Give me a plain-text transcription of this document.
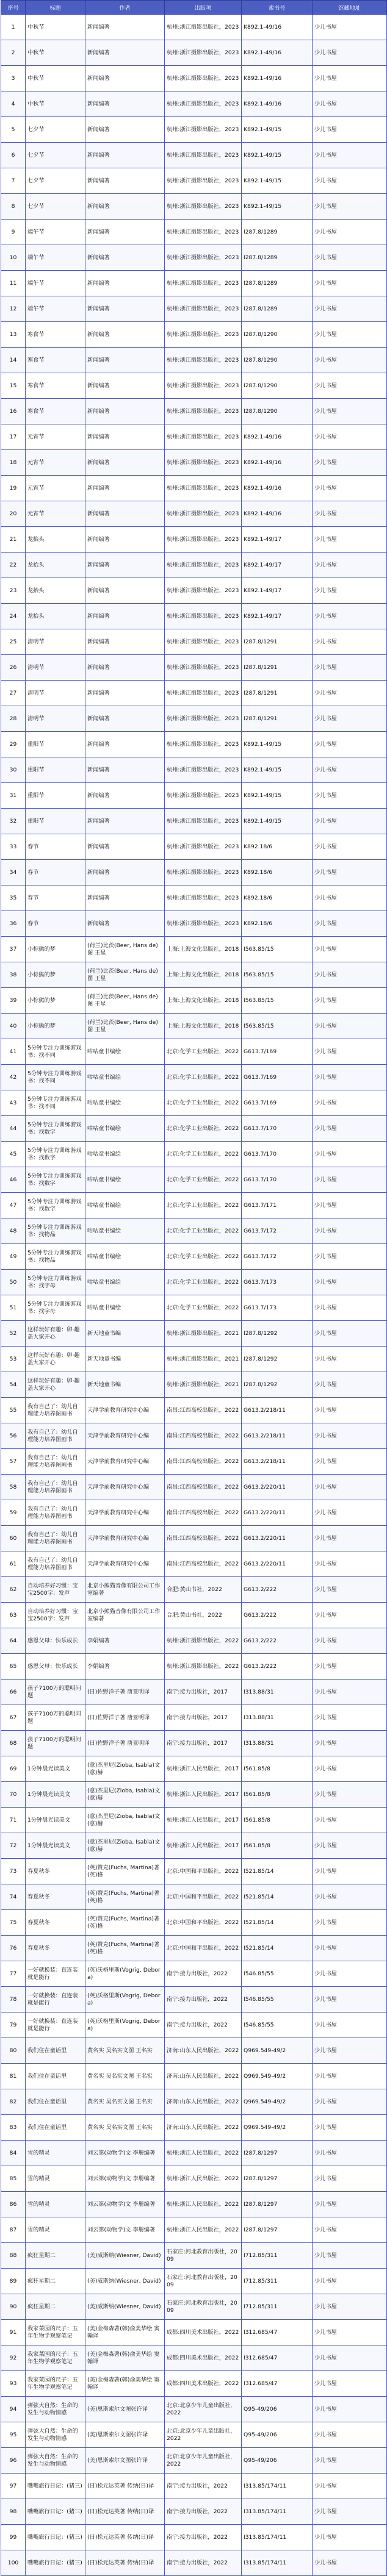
序号	标题	作者	出版项	索书号	馆藏地址
1	中秋节	新闻编著	杭州:浙江摄影出版社，2023	K892.1-49/16	少儿书屋
2	中秋节	新闻编著	杭州:浙江摄影出版社，2023	K892.1-49/16	少儿书屋
3	中秋节	新闻编著	杭州:浙江摄影出版社，2023	K892.1-49/16	少儿书屋
4	中秋节	新闻编著	杭州:浙江摄影出版社，2023	K892.1-49/16	少儿书屋
5	七夕节	新闻编著	杭州:浙江摄影出版社，2023	K892.1-49/15	少儿书屋
6	七夕节	新闻编著	杭州:浙江摄影出版社，2023	K892.1-49/15	少儿书屋
7	七夕节	新闻编著	杭州:浙江摄影出版社，2023	K892.1-49/15	少儿书屋
8	七夕节	新闻编著	杭州:浙江摄影出版社，2023	K892.1-49/15	少儿书屋
9	端午节	新闻编著	杭州:浙江摄影出版社，2023	I287.8/1289	少儿书屋
10	端午节	新闻编著	杭州:浙江摄影出版社，2023	I287.8/1289	少儿书屋
11	端午节	新闻编著	杭州:浙江摄影出版社，2023	I287.8/1289	少儿书屋
12	端午节	新闻编著	杭州:浙江摄影出版社，2023	I287.8/1289	少儿书屋
13	寒食节	新闻编著	杭州:浙江摄影出版社，2023	I287.8/1290	少儿书屋
14	寒食节	新闻编著	杭州:浙江摄影出版社，2023	I287.8/1290	少儿书屋
15	寒食节	新闻编著	杭州:浙江摄影出版社，2023	I287.8/1290	少儿书屋
16	寒食节	新闻编著	杭州:浙江摄影出版社，2023	I287.8/1290	少儿书屋
17	元宵节	新闻编著	杭州:浙江摄影出版社，2023	K892.1-49/16	少儿书屋
18	元宵节	新闻编著	杭州:浙江摄影出版社，2023	K892.1-49/16	少儿书屋
19	元宵节	新闻编著	杭州:浙江摄影出版社，2023	K892.1-49/16	少儿书屋
20	元宵节	新闻编著	杭州:浙江摄影出版社，2023	K892.1-49/16	少儿书屋
21	龙抬头	新闻编著	杭州:浙江摄影出版社，2023	K892.1-49/17	少儿书屋
22	龙抬头	新闻编著	杭州:浙江摄影出版社，2023	K892.1-49/17	少儿书屋
23	龙抬头	新闻编著	杭州:浙江摄影出版社，2023	K892.1-49/17	少儿书屋
24	龙抬头	新闻编著	杭州:浙江摄影出版社，2023	K892.1-49/17	少儿书屋
25	清明节	新闻编著	杭州:浙江摄影出版社，2023	I287.8/1291	少儿书屋
26	清明节	新闻编著	杭州:浙江摄影出版社，2023	I287.8/1291	少儿书屋
27	清明节	新闻编著	杭州:浙江摄影出版社，2023	I287.8/1291	少儿书屋
28	清明节	新闻编著	杭州:浙江摄影出版社，2023	I287.8/1291	少儿书屋
29	重阳节	新闻编著	杭州:浙江摄影出版社，2023	K892.1-49/15	少儿书屋
30	重阳节	新闻编著	杭州:浙江摄影出版社，2023	K892.1-49/15	少儿书屋
31	重阳节	新闻编著	杭州:浙江摄影出版社，2023	K892.1-49/15	少儿书屋
32	重阳节	新闻编著	杭州:浙江摄影出版社，2023	K892.1-49/15	少儿书屋
33	春节	新闻编著	杭州:浙江摄影出版社，2023	K892.18/6	少儿书屋
34	春节	新闻编著	杭州:浙江摄影出版社，2023	K892.18/6	少儿书屋
35	春节	新闻编著	杭州:浙江摄影出版社，2023	K892.18/6	少儿书屋
36	春节	新闻编著	杭州:浙江摄影出版社，2023	K892.18/6	少儿书屋
37	小棕熊的梦	(荷兰)比茨(Beer, Hans de)图 王星	上海:上海文化出版社，2018	I563.85/15	少儿书屋
38	小棕熊的梦	(荷兰)比茨(Beer, Hans de)图 王星	上海:上海文化出版社，2018	I563.85/15	少儿书屋
39	小棕熊的梦	(荷兰)比茨(Beer, Hans de)图 王星	上海:上海文化出版社，2018	I563.85/15	少儿书屋
40	小棕熊的梦	(荷兰)比茨(Beer, Hans de)图 王星	上海:上海文化出版社，2018	I563.85/15	少儿书屋
41	5分钟专注力训练游戏书：找不同	咕咕童书编绘	北京:化学工业出版社，2022	G613.7/169	少儿书屋
42	5分钟专注力训练游戏书：找不同	咕咕童书编绘	北京:化学工业出版社，2022	G613.7/169	少儿书屋
43	5分钟专注力训练游戏书：找不同	咕咕童书编绘	北京:化学工业出版社，2022	G613.7/169	少儿书屋
44	5分钟专注力训练游戏书：找数字	咕咕童书编绘	北京:化学工业出版社，2022	G613.7/170	少儿书屋
45	5分钟专注力训练游戏书：找数字	咕咕童书编绘	北京:化学工业出版社，2022	G613.7/170	少儿书屋
46	5分钟专注力训练游戏书：找数字	咕咕童书编绘	北京:化学工业出版社，2022	G613.7/170	少儿书屋
47	5分钟专注力训练游戏书：找数字	咕咕童书编绘	北京:化学工业出版社，2022	G613.7/171	少儿书屋
48	5分钟专注力训练游戏书：找物品	咕咕童书编绘	北京:化学工业出版社，2022	G613.7/172	少儿书屋
49	5分钟专注力训练游戏书：找物品	咕咕童书编绘	北京:化学工业出版社，2022	G613.7/172	少儿书屋
50	5分钟专注力训练游戏书：找字母	咕咕童书编绘	北京:化学工业出版社，2022	G613.7/173	少儿书屋
51	5分钟专注力训练游戏书：找字母	咕咕童书编绘	北京:化学工业出版社，2022	G613.7/173	少儿书屋
52	这样玩好有趣：卯·趣盖大家开心	新天地童书编	杭州:浙江摄影出版社，2021	I287.8/1292	少儿书屋
53	这样玩好有趣：卯·趣盖大家开心	新天地童书编	杭州:浙江摄影出版社，2021	I287.8/1292	少儿书屋
54	这样玩好有趣：卯·趣盖大家开心	新天地童书编	杭州:浙江摄影出版社，2021	I287.8/1292	少儿书屋
55	我有自己了：幼儿自理能力培养图画书	天津学前教育研究中心编	南昌:江西高校出版社，2022	G613.2/218/11	少儿书屋
56	我有自己了：幼儿自理能力培养图画书	天津学前教育研究中心编	南昌:江西高校出版社，2022	G613.2/218/11	少儿书屋
57	我有自己了：幼儿自理能力培养图画书	天津学前教育研究中心编	南昌:江西高校出版社，2022	G613.2/218/11	少儿书屋
58	我有自己了：幼儿自理能力培养图画书	天津学前教育研究中心编	南昌:江西高校出版社，2022	G613.2/220/11	少儿书屋
59	我有自己了：幼儿自理能力培养图画书	天津学前教育研究中心编	南昌:江西高校出版社，2022	G613.2/220/11	少儿书屋
60	我有自己了：幼儿自理能力培养图画书	天津学前教育研究中心编	南昌:江西高校出版社，2022	G613.2/220/11	少儿书屋
61	我有自己了：幼儿自理能力培养图画书	天津学前教育研究中心编	南昌:江西高校出版社，2022	G613.2/220/11	少儿书屋
62	自动培养好习惯：宝宝2500字：发声	北京小熊猫音像有限公司工作室编著	合肥:黄山书社，2022	G613.2/222	少儿书屋
63	自动培养好习惯：宝宝2500字：发声	北京小熊猫音像有限公司工作室编著	合肥:黄山书社，2022	G613.2/222	少儿书屋
64	感恩父母：快乐成长	李娟编著	杭州:浙江摄影出版社，2022	G613.2/222	少儿书屋
65	感恩父母：快乐成长	李娟编著	杭州:浙江摄影出版社，2022	G613.2/222	少儿书屋
66	孩子7100万的聪明问题	(日)佐野洋子著 唐亚明译	南宁:接力出版社，2017	I313.88/31	少儿书屋
67	孩子7100万的聪明问题	(日)佐野洋子著 唐亚明译	南宁:接力出版社，2017	I313.88/31	少儿书屋
68	孩子7100万的聪明问题	(日)佐野洋子著 唐亚明译	南宁:接力出版社，2017	I313.88/31	少儿书屋
69	1分钟晨光读美文	(意)杰里尼(Zioba, Isabla)文 (意)赫	杭州:浙江人民出版社，2017	I561.85/8	少儿书屋
70	1分钟晨光读美文	(意)杰里尼(Zioba, Isabla)文 (意)赫	杭州:浙江人民出版社，2017	I561.85/8	少儿书屋
71	1分钟晨光读美文	(意)杰里尼(Zioba, Isabla)文 (意)赫	杭州:浙江人民出版社，2017	I561.85/8	少儿书屋
72	1分钟晨光读美文	(意)杰里尼(Zioba, Isabla)文 (意)赫	杭州:浙江人民出版社，2017	I561.85/8	少儿书屋
73	春夏秋冬	(英)赞克(Fuchs, Martina)著 (英)格	北京:中国和平出版社，2022	I521.85/14	少儿书屋
74	春夏秋冬	(英)赞克(Fuchs, Martina)著 (英)格	北京:中国和平出版社，2022	I521.85/14	少儿书屋
75	春夏秋冬	(英)赞克(Fuchs, Martina)著 (英)格	北京:中国和平出版社，2022	I521.85/14	少儿书屋
76	春夏秋冬	(英)赞克(Fuchs, Martina)著 (英)格	北京:中国和平出版社，2022	I521.85/14	少儿书屋
77	一好就换装：直连装就是能行	(英)沃格里斯(Vogrig, Debora)	南宁:接力出版社，2022	I546.85/55	少儿书屋
78	一好就换装：直连装就是能行	(英)沃格里斯(Vogrig, Debora)	南宁:接力出版社，2022	I546.85/55	少儿书屋
79	一好就换装：直连装就是能行	(英)沃格里斯(Vogrig, Debora)	南宁:接力出版社，2022	I546.85/55	少儿书屋
80	我们住在童话里	黄名实 吴名实文图 王名实	济南:山东人民出版社，2022	Q969.549-49/2	少儿书屋
81	我们住在童话里	黄名实 吴名实文图 王名实	济南:山东人民出版社，2022	Q969.549-49/2	少儿书屋
82	我们住在童话里	黄名实 吴名实文图 王名实	济南:山东人民出版社，2022	Q969.549-49/2	少儿书屋
83	我们住在童话里	黄名实 吴名实文图 王名实	济南:山东人民出版社，2022	Q969.549-49/2	少儿书屋
84	雪的精灵	刘云第(动物学)文 李册编著	杭州:浙江人民出版社，2022	I287.8/1297	少儿书屋
85	雪的精灵	刘云第(动物学)文 李册编著	杭州:浙江人民出版社，2022	I287.8/1297	少儿书屋
86	雪的精灵	刘云第(动物学)文 李册编著	杭州:浙江人民出版社，2022	I287.8/1297	少儿书屋
87	雪的精灵	刘云第(动物学)文 李册编著	杭州:浙江人民出版社，2022	I287.8/1297	少儿书屋
88	疯狂星期二	(美)威斯纳(Wiesner, David)	石家庄:河北教育出版社，2009	I712.85/311	少儿书屋
89	疯狂星期二	(美)威斯纳(Wiesner, David)	石家庄:河北教育出版社，2009	I712.85/311	少儿书屋
90	疯狂星期二	(美)威斯纳(Wiesner, David)	石家庄:河北教育出版社，2009	I712.85/311	少儿书屋
91	我家菜园的尺子：五年生物学观察笔记	(美)金梅森著(韩)俞美华绘 窦翰译	成都:四川美术出版社，2022	I312.685/47	少儿书屋
92	我家菜园的尺子：五年生物学观察笔记	(美)金梅森著(韩)俞美华绘 窦翰译	成都:四川美术出版社，2022	I312.685/47	少儿书屋
93	我家菜园的尺子：五年生物学观察笔记	(美)金梅森著(韩)俞美华绘 窦翰译	成都:四川美术出版社，2022	I312.685/47	少儿书屋
94	弹弦大自然：生命的发生与动物情感	(美)恩斯索尔文图张许译	北京:北京少年儿童出版社，2022	Q95-49/206	少儿书屋
95	弹弦大自然：生命的发生与动物情感	(美)恩斯索尔文图张许译	北京:北京少年儿童出版社，2022	Q95-49/206	少儿书屋
96	弹弦大自然：生命的发生与动物情感	(美)恩斯索尔文图张许译	北京:北京少年儿童出版社，2022	Q95-49/206	少儿书屋
97	嘴嘴旅行日记：(猪三)	(日)松元达英著 传纳(日)译	南宁:接力出版社，2022	I313.85/174/11	少儿书屋
98	嘴嘴旅行日记：(猪三)	(日)松元达英著 传纳(日)译	南宁:接力出版社，2022	I313.85/174/11	少儿书屋
99	嘴嘴旅行日记：(猪三)	(日)松元达英著 传纳(日)译	南宁:接力出版社，2022	I313.85/174/11	少儿书屋
100	嘴嘴旅行日记：(猪三)	(日)松元达英著 传纳(日)译	南宁:接力出版社，2022	I313.85/174/11	少儿书屋
